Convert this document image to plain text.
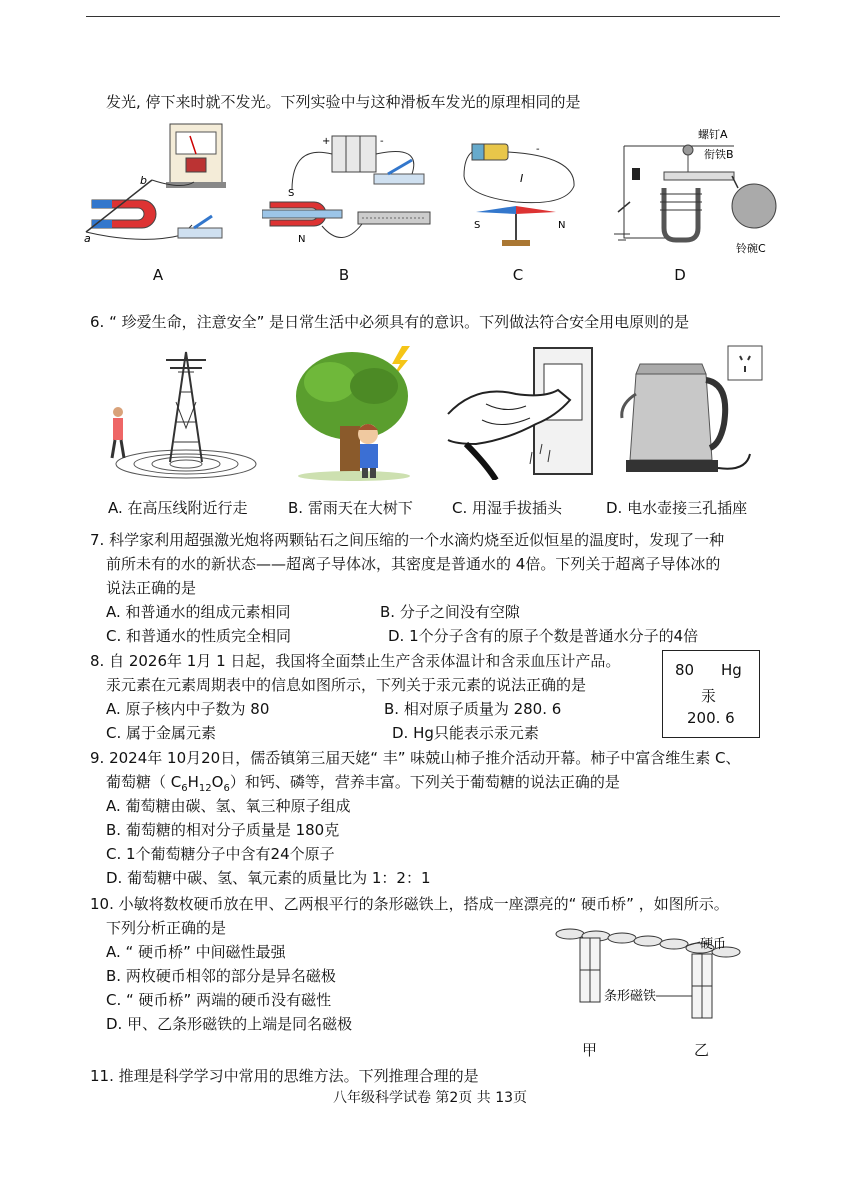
发光, 停下来时就不发光。下列实验中与这种滑板车发光的原理相同的是
b
a
+	-
S
N
-
I
S	N
螺钉A
衔铁B
铃碗C
A	B	C	D
6. “ 珍爱生命，注意安全” 是日常生活中必须具有的意识。下列做法符合安全用电原则的是
A. 在高压线附近行走	B. 雷雨天在大树下	C. 用湿手拔插头	D. 电水壶接三孔插座
7. 科学家利用超强激光炮将两颗钻石之间压缩的一个水滴灼烧至近似恒星的温度时，发现了一种
前所未有的水的新状态——超离子导体冰，其密度是普通水的 4倍。下列关于超离子导体冰的
说法正确的是
A. 和普通水的组成元素相同	B. 分子之间没有空隙
C. 和普通水的性质完全相同	D. 1个分子含有的原子个数是普通水分子的4倍
8. 自 2026年 1月 1 日起，我国将全面禁止生产含汞体温计和含汞血压计产品。
汞元素在元素周期表中的信息如图所示，下列关于汞元素的说法正确的是
A. 原子核内中子数为 80	B. 相对原子质量为 280. 6
C. 属于金属元素	D. Hg只能表示汞元素
80 Hg
汞
200. 6
9. 2024年 10月20日，儒岙镇第三届天姥“ 丰” 味兢山柿子推介活动开幕。柿子中富含维生素 C、
葡萄糖（ $C_6H_{12}O_6$）和钙、磷等，营养丰富。下列关于葡萄糖的说法正确的是
A. 葡萄糖由碳、氢、氧三种原子组成
B. 葡萄糖的相对分子质量是 180克
C. 1个葡萄糖分子中含有24个原子
D. 葡萄糖中碳、氢、氧元素的质量比为 1：2：1
10. 小敏将数枚硬币放在甲、乙两根平行的条形磁铁上，搭成一座漂亮的“ 硬币桥” ，如图所示。
下列分析正确的是
A. “ 硬币桥” 中间磁性最强
B. 两枚硬币相邻的部分是异名磁极
C. “ 硬币桥” 两端的硬币没有磁性
D. 甲、乙条形磁铁的上端是同名磁极
硬币
条形磁铁
甲	乙
11. 推理是科学学习中常用的思维方法。下列推理合理的是
八年级科学试卷 第2页 共 13页
